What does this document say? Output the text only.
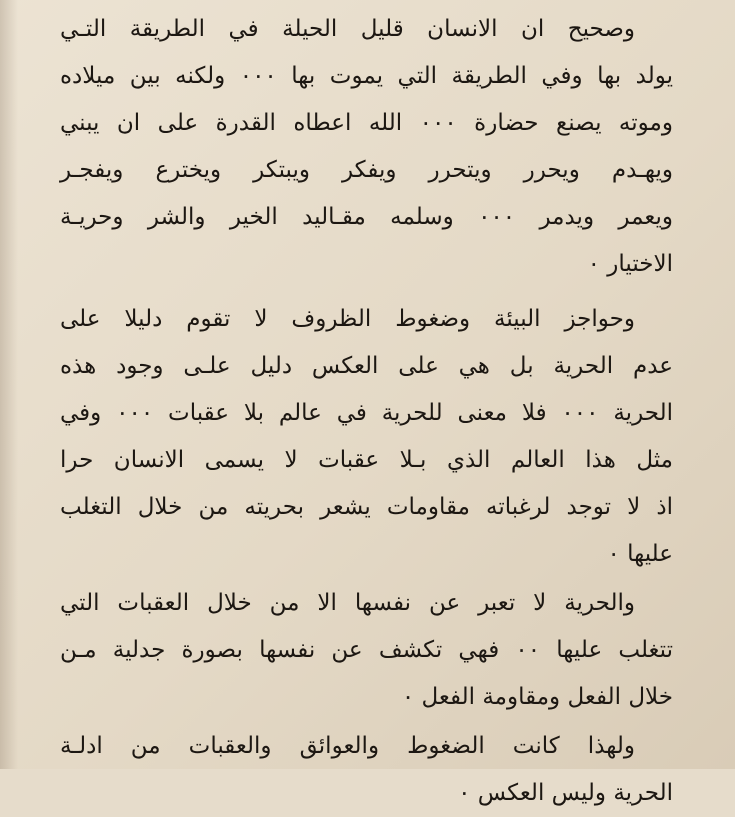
وصحيح ان الانسان قليل الحيلة في الطريقة التـي
يولد بها وفي الطريقة التي يموت بها ٠٠٠ ولكنه بين ميلاده
وموته يصنع حضارة ٠٠٠ الله اعطاه القدرة على ان يبني
ويهـدم ويحرر ويتحرر ويفكر ويبتكر ويخترع ويفجـر
ويعمر ويدمر ٠٠٠ وسلمه مقـاليد الخير والشر وحريـة
الاختيار ٠

وحواجز البيئة وضغوط الظروف لا تقوم دليلا على
عدم الحرية بل هي على العكس دليل علـى وجود هذه
الحرية ٠٠٠ فلا معنى للحرية في عالم بلا عقبات ٠٠٠ وفي
مثل هذا العالم الذي بـلا عقبات لا يسمى الانسان حرا
اذ لا توجد لرغباته مقاومات يشعر بحريته من خلال التغلب
عليها ٠

والحرية لا تعبر عن نفسها الا من خلال العقبات التي
تتغلب عليها ٠٠ فهي تكشف عن نفسها بصورة جدلية مـن
خلال الفعل ومقاومة الفعل ٠

ولهذا كانت الضغوط والعوائق والعقبات من ادلـة
الحرية وليس العكس ٠
